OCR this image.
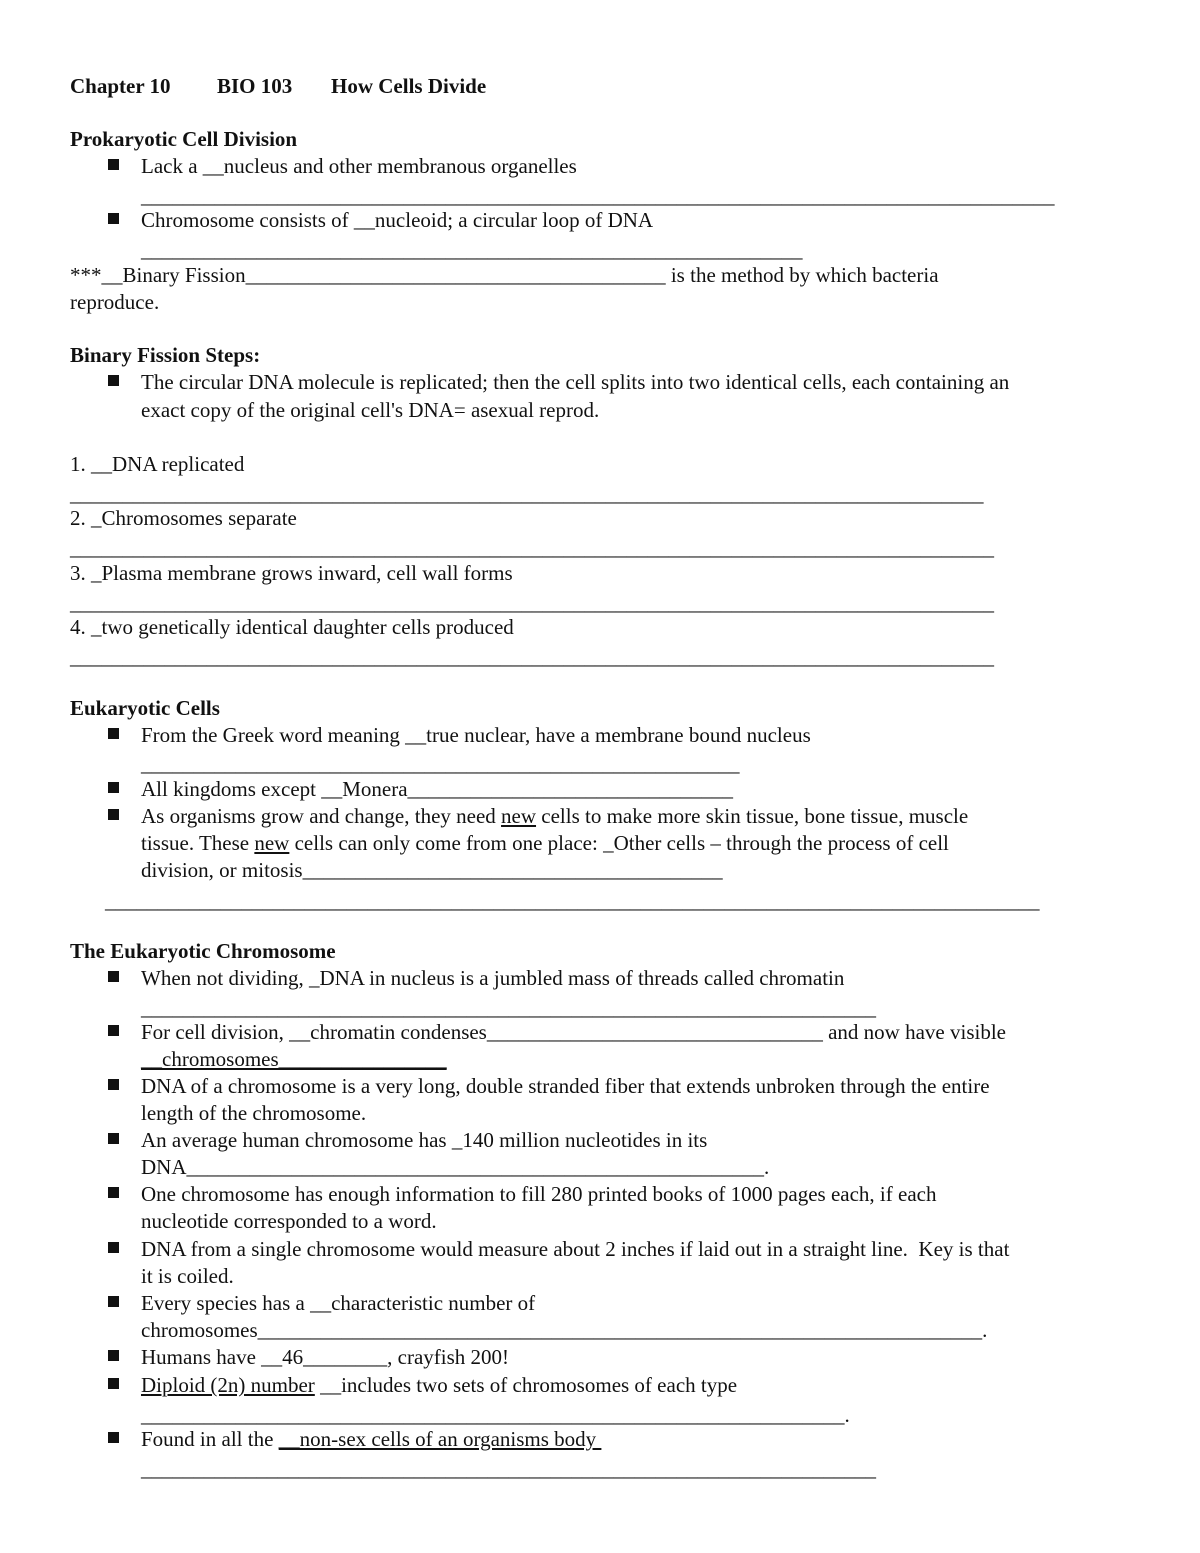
Chapter 10 BIO 103 How Cells Divide
Prokaryotic Cell Division
Lack a __nucleus and other membranous organelles
_______________________________________________________________________________________
Chromosome consists of __nucleoid; a circular loop of DNA
_______________________________________________________________
***__Binary Fission________________________________________ is the method by which bacteria
reproduce.
Binary Fission Steps:
The circular DNA molecule is replicated; then the cell splits into two identical cells, each containing an
exact copy of the original cell's DNA= asexual reprod.
1. __DNA replicated
_______________________________________________________________________________________
2. _Chromosomes separate
________________________________________________________________________________________
3. _Plasma membrane grows inward, cell wall forms
________________________________________________________________________________________
4. _two genetically identical daughter cells produced
________________________________________________________________________________________
Eukaryotic Cells
From the Greek word meaning __true nuclear, have a membrane bound nucleus
_________________________________________________________
All kingdoms except __Monera_______________________________
As organisms grow and change, they need new cells to make more skin tissue, bone tissue, muscle
tissue. These new cells can only come from one place: _Other cells – through the process of cell
division, or mitosis________________________________________
_________________________________________________________________________________________
The Eukaryotic Chromosome
When not dividing, _DNA in nucleus is a jumbled mass of threads called chromatin
______________________________________________________________________
For cell division, __chromatin condenses________________________________ and now have visible
__chromosomes________________
DNA of a chromosome is a very long, double stranded fiber that extends unbroken through the entire
length of the chromosome.
An average human chromosome has _140 million nucleotides in its
DNA_______________________________________________________.
One chromosome has enough information to fill 280 printed books of 1000 pages each, if each
nucleotide corresponded to a word.
DNA from a single chromosome would measure about 2 inches if laid out in a straight line.  Key is that
it is coiled.
Every species has a __characteristic number of
chromosomes_____________________________________________________________________.
Humans have __46________, crayfish 200!
Diploid (2n) number __includes two sets of chromosomes of each type
___________________________________________________________________.
Found in all the __non-sex cells of an organisms body
______________________________________________________________________
